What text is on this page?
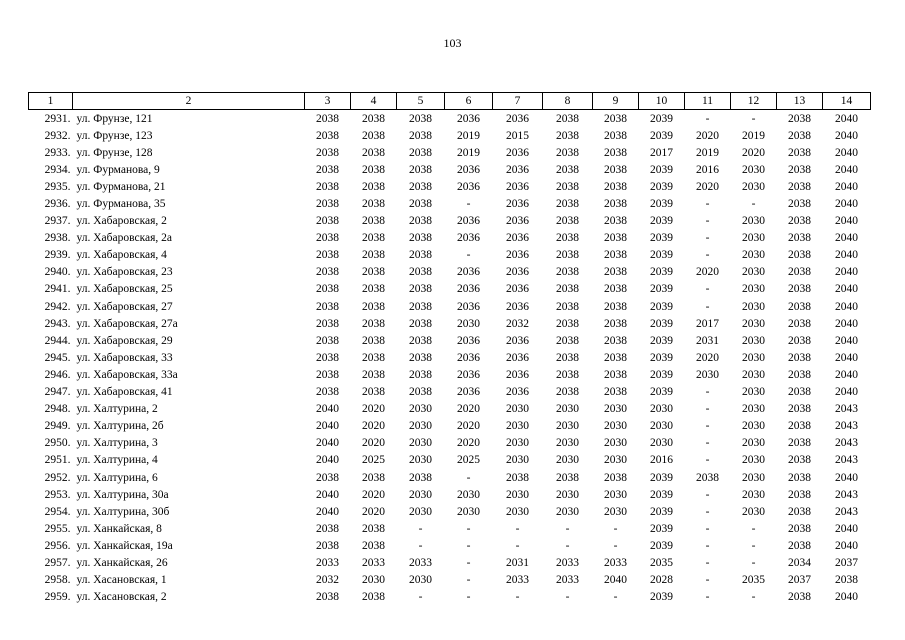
103
1	2	3	4	5	6	7	8	9	10	11	12	13	14
2931.	ул. Фрунзе, 121	2038	2038	2038	2036	2036	2038	2038	2039	-	-	2038	2040
2932.	ул. Фрунзе, 123	2038	2038	2038	2019	2015	2038	2038	2039	2020	2019	2038	2040
2933.	ул. Фрунзе, 128	2038	2038	2038	2019	2036	2038	2038	2017	2019	2020	2038	2040
2934.	ул. Фурманова, 9	2038	2038	2038	2036	2036	2038	2038	2039	2016	2030	2038	2040
2935.	ул. Фурманова, 21	2038	2038	2038	2036	2036	2038	2038	2039	2020	2030	2038	2040
2936.	ул. Фурманова, 35	2038	2038	2038	-	2036	2038	2038	2039	-	-	2038	2040
2937.	ул. Хабаровская, 2	2038	2038	2038	2036	2036	2038	2038	2039	-	2030	2038	2040
2938.	ул. Хабаровская, 2а	2038	2038	2038	2036	2036	2038	2038	2039	-	2030	2038	2040
2939.	ул. Хабаровская, 4	2038	2038	2038	-	2036	2038	2038	2039	-	2030	2038	2040
2940.	ул. Хабаровская, 23	2038	2038	2038	2036	2036	2038	2038	2039	2020	2030	2038	2040
2941.	ул. Хабаровская, 25	2038	2038	2038	2036	2036	2038	2038	2039	-	2030	2038	2040
2942.	ул. Хабаровская, 27	2038	2038	2038	2036	2036	2038	2038	2039	-	2030	2038	2040
2943.	ул. Хабаровская, 27а	2038	2038	2038	2030	2032	2038	2038	2039	2017	2030	2038	2040
2944.	ул. Хабаровская, 29	2038	2038	2038	2036	2036	2038	2038	2039	2031	2030	2038	2040
2945.	ул. Хабаровская, 33	2038	2038	2038	2036	2036	2038	2038	2039	2020	2030	2038	2040
2946.	ул. Хабаровская, 33а	2038	2038	2038	2036	2036	2038	2038	2039	2030	2030	2038	2040
2947.	ул. Хабаровская, 41	2038	2038	2038	2036	2036	2038	2038	2039	-	2030	2038	2040
2948.	ул. Халтурина, 2	2040	2020	2030	2020	2030	2030	2030	2030	-	2030	2038	2043
2949.	ул. Халтурина, 2б	2040	2020	2030	2020	2030	2030	2030	2030	-	2030	2038	2043
2950.	ул. Халтурина, 3	2040	2020	2030	2020	2030	2030	2030	2030	-	2030	2038	2043
2951.	ул. Халтурина, 4	2040	2025	2030	2025	2030	2030	2030	2016	-	2030	2038	2043
2952.	ул. Халтурина, 6	2038	2038	2038	-	2038	2038	2038	2039	2038	2030	2038	2040
2953.	ул. Халтурина, 30а	2040	2020	2030	2030	2030	2030	2030	2039	-	2030	2038	2043
2954.	ул. Халтурина, 30б	2040	2020	2030	2030	2030	2030	2030	2039	-	2030	2038	2043
2955.	ул. Ханкайская, 8	2038	2038	-	-	-	-	-	2039	-	-	2038	2040
2956.	ул. Ханкайская, 19а	2038	2038	-	-	-	-	-	2039	-	-	2038	2040
2957.	ул. Ханкайская, 26	2033	2033	2033	-	2031	2033	2033	2035	-	-	2034	2037
2958.	ул. Хасановская, 1	2032	2030	2030	-	2033	2033	2040	2028	-	2035	2037	2038
2959.	ул. Хасановская, 2	2038	2038	-	-	-	-	-	2039	-	-	2038	2040
